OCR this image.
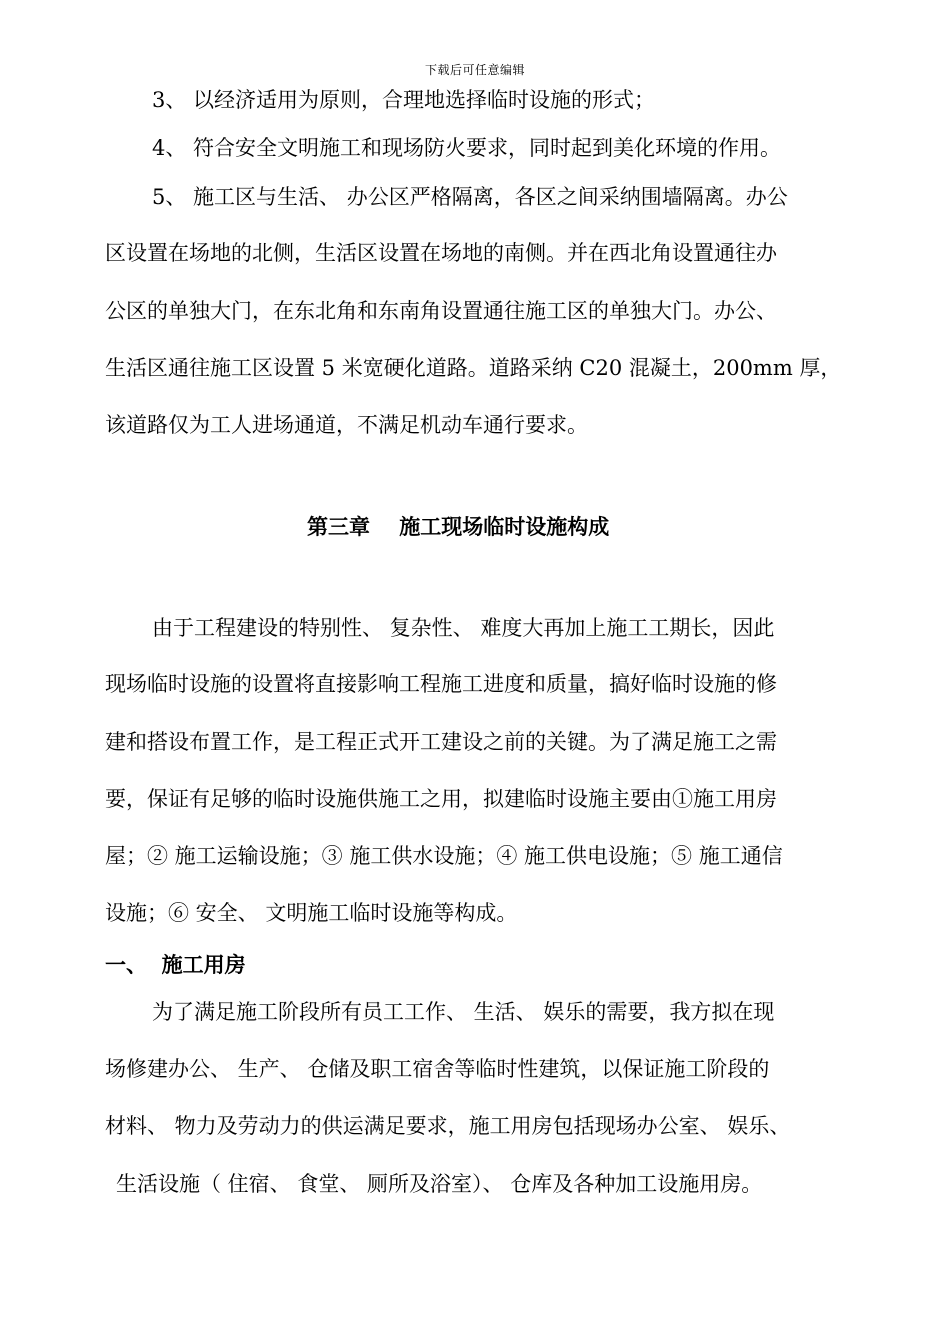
下载后可任意编辑
3、 以经济适用为原则，合理地选择临时设施的形式；
4、 符合安全文明施工和现场防火要求，同时起到美化环境的作用。
5、 施工区与生活、 办公区严格隔离，各区之间采纳围墙隔离。办公
区设置在场地的北侧，生活区设置在场地的南侧。并在西北角设置通往办
公区的单独大门，在东北角和东南角设置通往施工区的单独大门。办公、
生活区通往施工区设置 5 米宽硬化道路。道路采纳 C20 混凝土，200mm 厚，
该道路仅为工人进场通道，不满足机动车通行要求。
第三章    施工现场临时设施构成
由于工程建设的特别性、 复杂性、 难度大再加上施工工期长，因此
现场临时设施的设置将直接影响工程施工进度和质量，搞好临时设施的修
建和搭设布置工作，是工程正式开工建设之前的关键。为了满足施工之需
要，保证有足够的临时设施供施工之用，拟建临时设施主要由①施工用房
屋；② 施工运输设施；③ 施工供水设施；④ 施工供电设施；⑤ 施工通信
设施；⑥ 安全、 文明施工临时设施等构成。
一、  施工用房
为了满足施工阶段所有员工工作、 生活、 娱乐的需要，我方拟在现
场修建办公、 生产、 仓储及职工宿舍等临时性建筑，以保证施工阶段的
材料、 物力及劳动力的供运满足要求，施工用房包括现场办公室、 娱乐、
生活设施（ 住宿、 食堂、 厕所及浴室）、 仓库及各种加工设施用房。
